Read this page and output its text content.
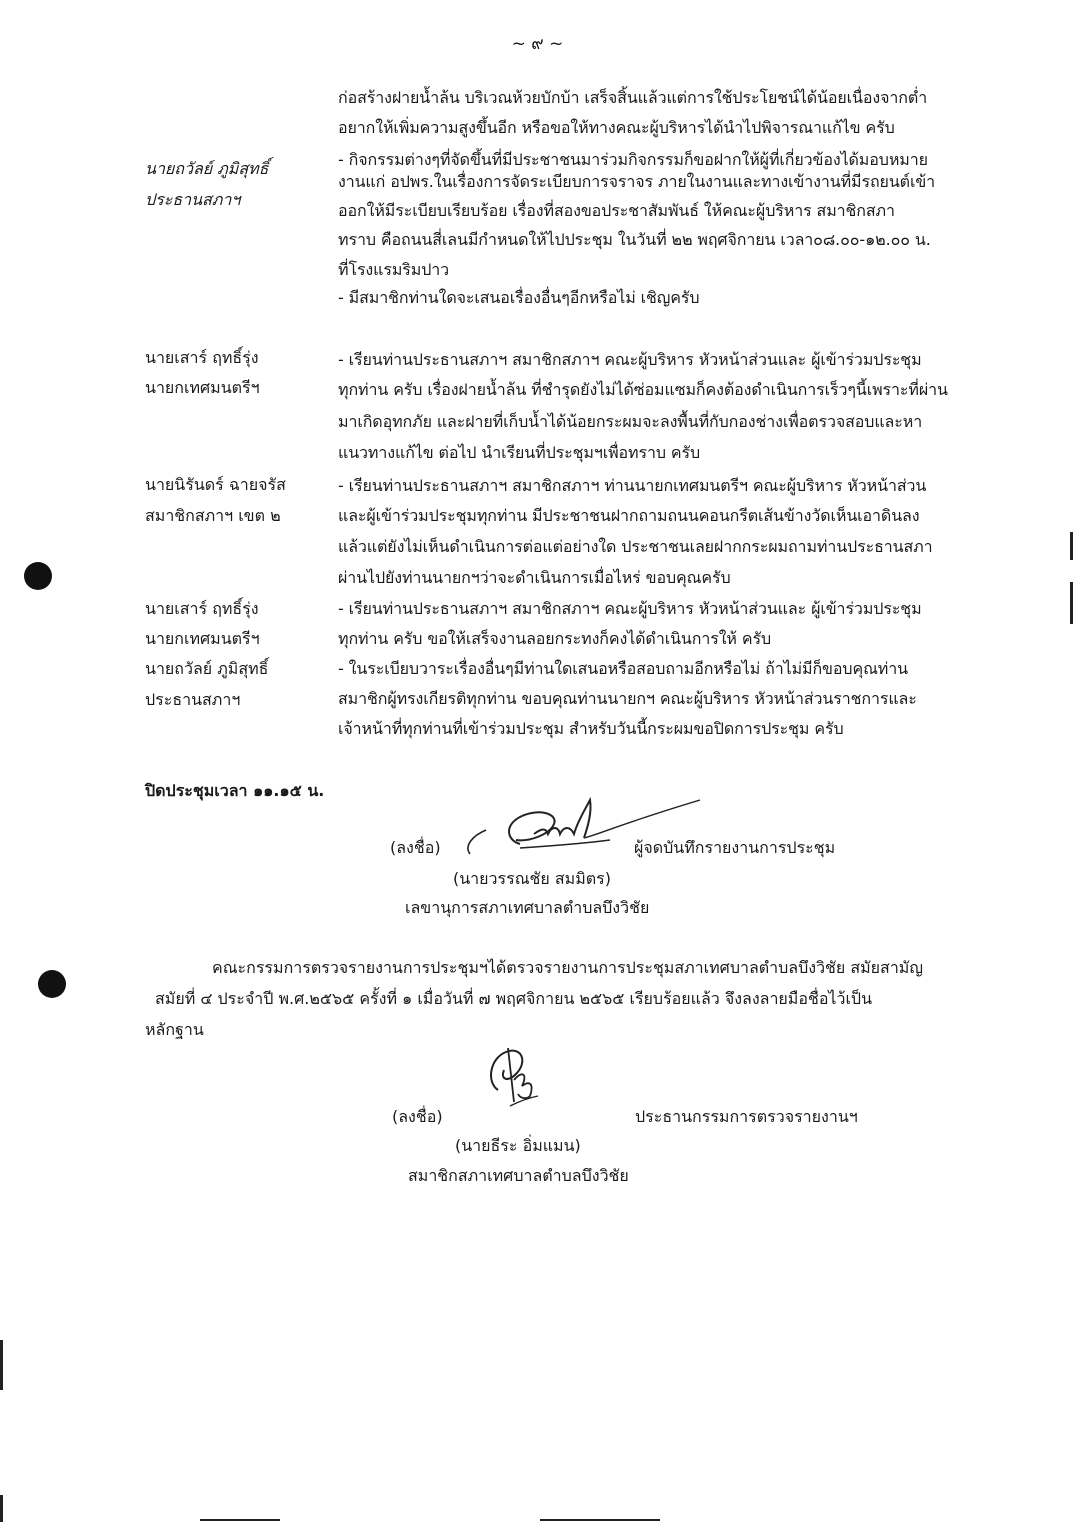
~ ๙ ~
ก่อสร้างฝายน้ำล้น บริเวณห้วยบักบ้า เสร็จสิ้นแล้วแต่การใช้ประโยชน์ได้น้อยเนื่องจากต่ำ
อยากให้เพิ่มความสูงขึ้นอีก หรือขอให้ทางคณะผู้บริหารได้นำไปพิจารณาแก้ไข ครับ
นายถวัลย์ ภูมิสุทธิ์
ประธานสภาฯ
- กิจกรรมต่างๆที่จัดขึ้นที่มีประชาชนมาร่วมกิจกรรมก็ขอฝากให้ผู้ที่เกี่ยวข้องได้มอบหมาย
งานแก่ อปพร.ในเรื่องการจัดระเบียบการจราจร ภายในงานและทางเข้างานที่มีรถยนต์เข้า
ออกให้มีระเบียบเรียบร้อย เรื่องที่สองขอประชาสัมพันธ์ ให้คณะผู้บริหาร สมาชิกสภา
ทราบ คือถนนสี่เลนมีกำหนดให้ไปประชุม ในวันที่ ๒๒ พฤศจิกายน เวลา๐๘.๐๐-๑๒.๐๐ น.
ที่โรงแรมริมปาว
- มีสมาชิกท่านใดจะเสนอเรื่องอื่นๆอีกหรือไม่ เชิญครับ
นายเสาร์ ฤทธิ์รุ่ง
นายกเทศมนตรีฯ
- เรียนท่านประธานสภาฯ สมาชิกสภาฯ คณะผู้บริหาร หัวหน้าส่วนและ ผู้เข้าร่วมประชุม
ทุกท่าน ครับ เรื่องฝายน้ำล้น ที่ชำรุดยังไม่ได้ซ่อมแซมก็คงต้องดำเนินการเร็วๆนี้เพราะที่ผ่าน
มาเกิดอุทกภัย และฝายที่เก็บน้ำได้น้อยกระผมจะลงพื้นที่กับกองช่างเพื่อตรวจสอบและหา
แนวทางแก้ไข ต่อไป นำเรียนที่ประชุมฯเพื่อทราบ ครับ
นายนิรันดร์ ฉายจรัส
สมาชิกสภาฯ เขต ๒
- เรียนท่านประธานสภาฯ สมาชิกสภาฯ ท่านนายกเทศมนตรีฯ คณะผู้บริหาร หัวหน้าส่วน
และผู้เข้าร่วมประชุมทุกท่าน มีประชาชนฝากถามถนนคอนกรีตเส้นข้างวัดเห็นเอาดินลง
แล้วแต่ยังไม่เห็นดำเนินการต่อแต่อย่างใด ประชาชนเลยฝากกระผมถามท่านประธานสภา
ผ่านไปยังท่านนายกฯว่าจะดำเนินการเมื่อไหร่ ขอบคุณครับ
นายเสาร์ ฤทธิ์รุ่ง
นายกเทศมนตรีฯ
- เรียนท่านประธานสภาฯ สมาชิกสภาฯ คณะผู้บริหาร หัวหน้าส่วนและ ผู้เข้าร่วมประชุม
ทุกท่าน ครับ ขอให้เสร็จงานลอยกระทงก็คงได้ดำเนินการให้ ครับ
นายถวัลย์ ภูมิสุทธิ์
ประธานสภาฯ
- ในระเบียบวาระเรื่องอื่นๆมีท่านใดเสนอหรือสอบถามอีกหรือไม่ ถ้าไม่มีก็ขอบคุณท่าน
สมาชิกผู้ทรงเกียรติทุกท่าน ขอบคุณท่านนายกฯ คณะผู้บริหาร หัวหน้าส่วนราชการและ
เจ้าหน้าที่ทุกท่านที่เข้าร่วมประชุม สำหรับวันนี้กระผมขอปิดการประชุม ครับ
ปิดประชุมเวลา ๑๑.๑๕ น.
(ลงชื่อ)	ผู้จดบันทึกรายงานการประชุม
(นายวรรณชัย สมมิตร)
เลขานุการสภาเทศบาลตำบลบึงวิชัย
คณะกรรมการตรวจรายงานการประชุมฯได้ตรวจรายงานการประชุมสภาเทศบาลตำบลบึงวิชัย สมัยสามัญ
สมัยที่ ๔ ประจำปี พ.ศ.๒๕๖๕ ครั้งที่ ๑ เมื่อวันที่ ๗ พฤศจิกายน ๒๕๖๕ เรียบร้อยแล้ว จึงลงลายมือชื่อไว้เป็น
หลักฐาน
(ลงชื่อ)	ประธานกรรมการตรวจรายงานฯ
(นายธีระ อิ่มแมน)
สมาชิกสภาเทศบาลตำบลบึงวิชัย
